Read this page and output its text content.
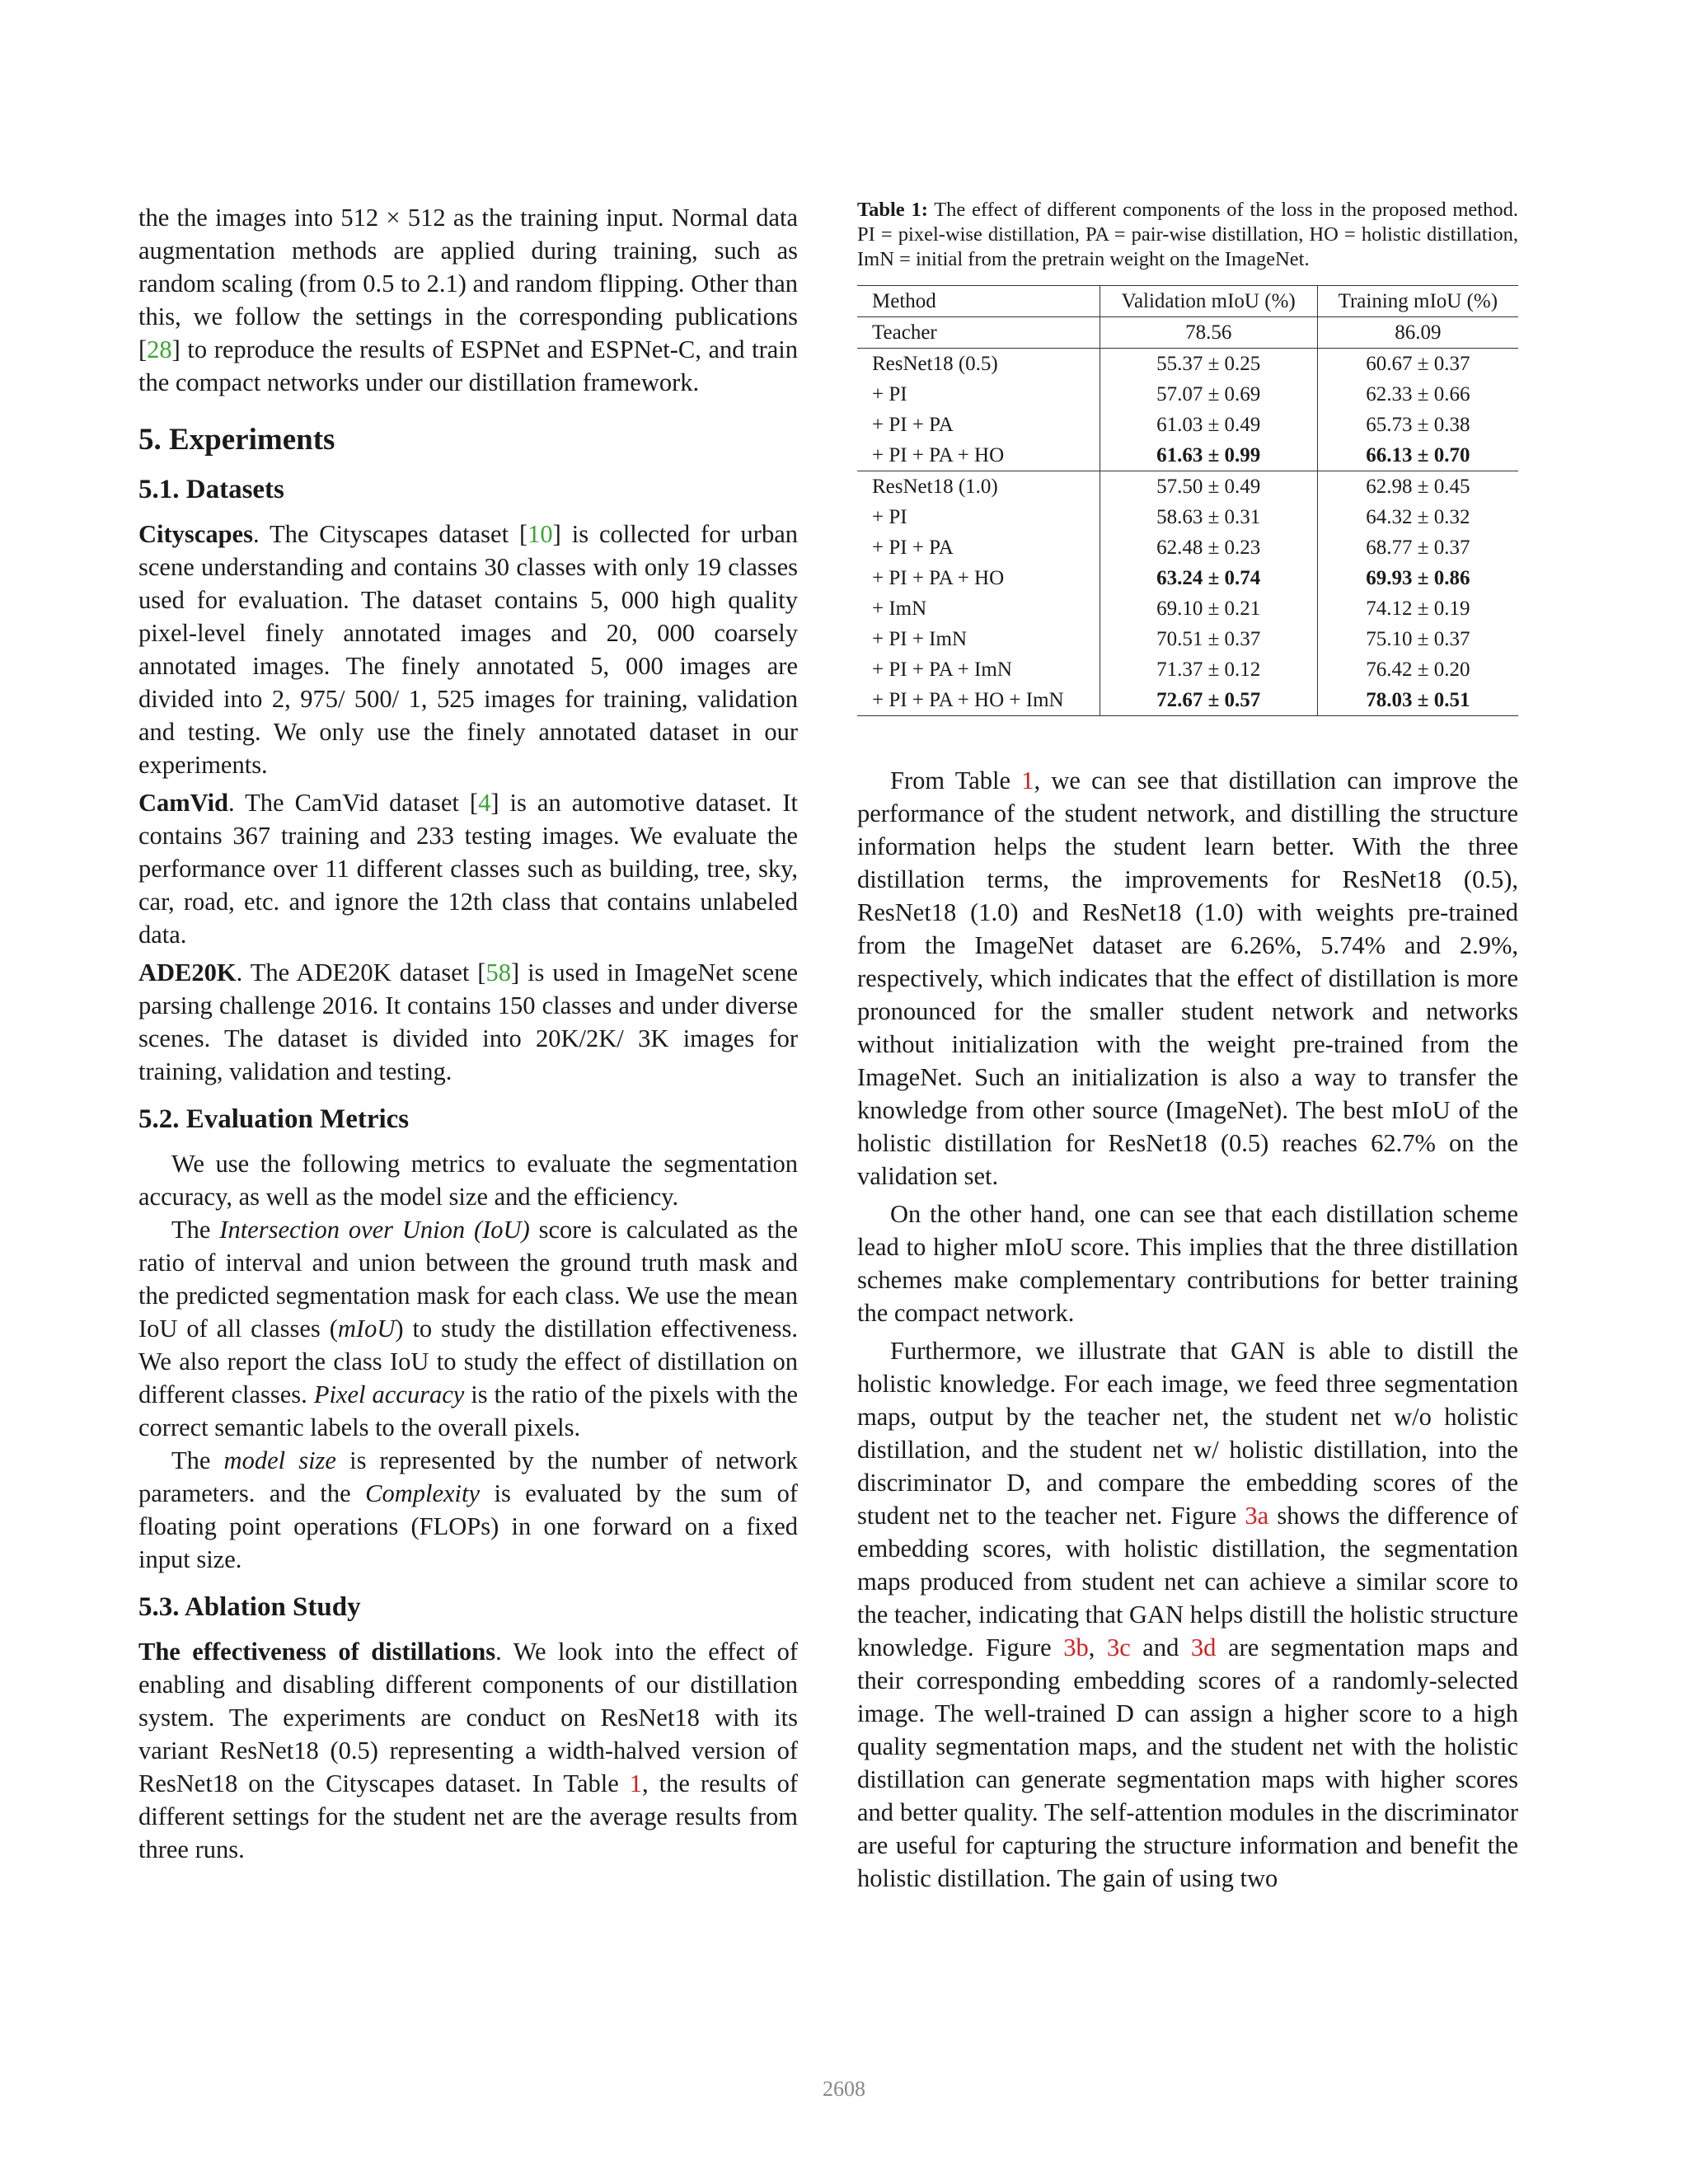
the the images into 512 × 512 as the training input. Normal data augmentation methods are applied during training, such as random scaling (from 0.5 to 2.1) and random flipping. Other than this, we follow the settings in the corresponding publications [28] to reproduce the results of ESPNet and ESPNet-C, and train the compact networks under our distillation framework.

5. Experiments
5.1. Datasets

Cityscapes. The Cityscapes dataset [10] is collected for urban scene understanding and contains 30 classes with only 19 classes used for evaluation. The dataset contains 5, 000 high quality pixel-level finely annotated images and 20, 000 coarsely annotated images. The finely annotated 5, 000 images are divided into 2, 975/ 500/ 1, 525 images for training, validation and testing. We only use the finely annotated dataset in our experiments.

CamVid. The CamVid dataset [4] is an automotive dataset. It contains 367 training and 233 testing images. We evaluate the performance over 11 different classes such as building, tree, sky, car, road, etc. and ignore the 12th class that contains unlabeled data.

ADE20K. The ADE20K dataset [58] is used in ImageNet scene parsing challenge 2016. It contains 150 classes and under diverse scenes. The dataset is divided into 20K/2K/ 3K images for training, validation and testing.

5.2. Evaluation Metrics

We use the following metrics to evaluate the segmentation accuracy, as well as the model size and the efficiency.

The Intersection over Union (IoU) score is calculated as the ratio of interval and union between the ground truth mask and the predicted segmentation mask for each class. We use the mean IoU of all classes (mIoU) to study the distillation effectiveness. We also report the class IoU to study the effect of distillation on different classes. Pixel accuracy is the ratio of the pixels with the correct semantic labels to the overall pixels.

The model size is represented by the number of network parameters. and the Complexity is evaluated by the sum of floating point operations (FLOPs) in one forward on a fixed input size.

5.3. Ablation Study

The effectiveness of distillations. We look into the effect of enabling and disabling different components of our distillation system. The experiments are conduct on ResNet18 with its variant ResNet18 (0.5) representing a width-halved version of ResNet18 on the Cityscapes dataset. In Table 1, the results of different settings for the student net are the average results from three runs.

Table 1: The effect of different components of the loss in the proposed method. PI = pixel-wise distillation, PA = pair-wise distillation, HO = holistic distillation, ImN = initial from the pretrain weight on the ImageNet.

Method	Validation mIoU (%)	Training mIoU (%)
Teacher	78.56	86.09
ResNet18 (0.5)	55.37 ± 0.25	60.67 ± 0.37
+ PI	57.07 ± 0.69	62.33 ± 0.66
+ PI + PA	61.03 ± 0.49	65.73 ± 0.38
+ PI + PA + HO	61.63 ± 0.99	66.13 ± 0.70
ResNet18 (1.0)	57.50 ± 0.49	62.98 ± 0.45
+ PI	58.63 ± 0.31	64.32 ± 0.32
+ PI + PA	62.48 ± 0.23	68.77 ± 0.37
+ PI + PA + HO	63.24 ± 0.74	69.93 ± 0.86
+ ImN	69.10 ± 0.21	74.12 ± 0.19
+ PI + ImN	70.51 ± 0.37	75.10 ± 0.37
+ PI + PA + ImN	71.37 ± 0.12	76.42 ± 0.20
+ PI + PA + HO + ImN	72.67 ± 0.57	78.03 ± 0.51

From Table 1, we can see that distillation can improve the performance of the student network, and distilling the structure information helps the student learn better. With the three distillation terms, the improvements for ResNet18 (0.5), ResNet18 (1.0) and ResNet18 (1.0) with weights pre-trained from the ImageNet dataset are 6.26%, 5.74% and 2.9%, respectively, which indicates that the effect of distillation is more pronounced for the smaller student network and networks without initialization with the weight pre-trained from the ImageNet. Such an initialization is also a way to transfer the knowledge from other source (ImageNet). The best mIoU of the holistic distillation for ResNet18 (0.5) reaches 62.7% on the validation set.

On the other hand, one can see that each distillation scheme lead to higher mIoU score. This implies that the three distillation schemes make complementary contributions for better training the compact network.

Furthermore, we illustrate that GAN is able to distill the holistic knowledge. For each image, we feed three segmentation maps, output by the teacher net, the student net w/o holistic distillation, and the student net w/ holistic distillation, into the discriminator D, and compare the embedding scores of the student net to the teacher net. Figure 3a shows the difference of embedding scores, with holistic distillation, the segmentation maps produced from student net can achieve a similar score to the teacher, indicating that GAN helps distill the holistic structure knowledge. Figure 3b, 3c and 3d are segmentation maps and their corresponding embedding scores of a randomly-selected image. The well-trained D can assign a higher score to a high quality segmentation maps, and the student net with the holistic distillation can generate segmentation maps with higher scores and better quality. The self-attention modules in the discriminator are useful for capturing the structure information and benefit the holistic distillation. The gain of using two

2608
